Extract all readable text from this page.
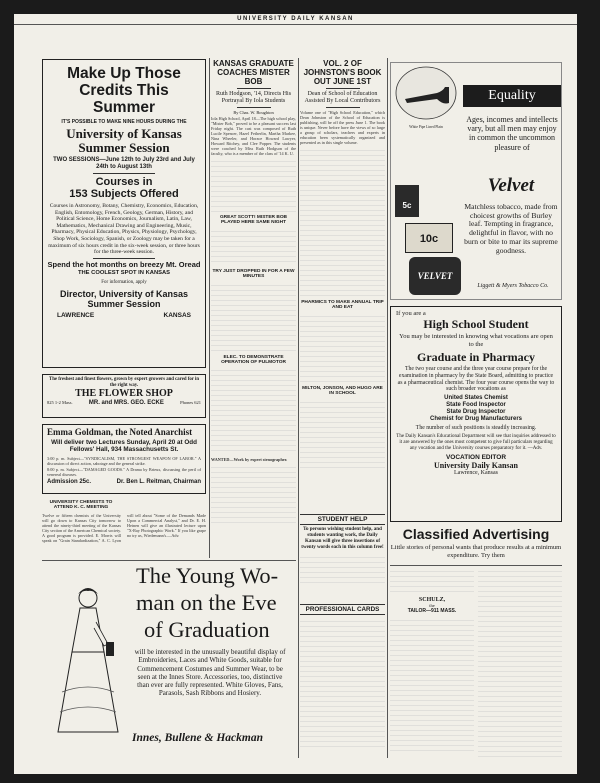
UNIVERSITY DAILY KANSAN
Make Up Those Credits This Summer
IT'S POSSIBLE TO MAKE NINE HOURS DURING THE
University of Kansas Summer Session
TWO SESSIONS—June 12th to July 23rd and July 24th to August 13th
Courses in
153 Subjects Offered
Courses in Astronomy, Botany, Chemistry, Economics, Education, English, Entomology, French, Geology, German, History, and Political Science, Home Economics, Journalism, Latin, Law, Mathematics, Mechanical Drawing and Engineering, Music, Pharmacy, Physical Education, Physics, Physiology, Psychology, Shop Work, Sociology, Spanish, or Zoology may be taken for a maximum of six hours credit in the six-week session, or three hours for the three-week session.
Spend the hot months on breezy Mt. Oread
THE COOLEST SPOT IN KANSAS
For information, apply
Director, University of Kansas Summer Session
LAWRENCE	KANSAS
The freshest and finest flowers, grown by expert growers and cared for in the right way.
THE FLOWER SHOP
825 1-2 Mass.	MR. and MRS. GEO. ECKE	Phones 621
Emma Goldman, the Noted Anarchist
Will deliver two Lectures Sunday, April 20 at Odd Fellows' Hall, 934 Massachusetts St.
3:00 p. m. Subject—"SYNDICALISM, THE STRONGEST WEAPON OF LABOR." A discussion of direct action, sabotage and the general strike.
8:00 p. m. Subject—"DAMAGED GOODS." A Drama by Brieux, discussing the peril of venereal diseases.
Admission 25c.	Dr. Ben L. Reitman, Chairman
UNIVERSITY CHEMISTS TO ATTEND K. C. MEETING
Twelve or fifteen chemists of the University will go down to Kansas City tomorrow to attend the ninety-third meeting of the Kansas City section of the American Chemical society. A good program is provided. E. Morris will speak on "Grain Standardization," A. C. Lyon will tell about "Some of the Demands Made Upon a Commercial Analyst," and Dr. E. H. Heinen will give an illustrated lecture upon "X-Ray Photographic Work." If you like grape no try us, Wiedemann's.—Adv.
KANSAS GRADUATE COACHES MISTER BOB
Ruth Hodgson, '14, Directs His Portrayal By Iola Students
By Chas. W. Boughton
Iola High School, April 18—The high school play, "Mister Bob," proved to be a pleasant success last Friday night. The cast was composed of Ruth Lucile Spencer, Hazel Fetherlin, Martha Markee, Nina Wheeler, and Horace Howard Lawyer, Howard Ritchey, and Clee Popper. The students were coached by Miss Ruth Hodgson of the faculty, who is a member of the class of '14 K. U.
GREAT SCOTT! MISTER BOB PLAYED HERE SAME NIGHT
TRY JUST DROPPED IN FOR A FEW MINUTES
ELEC. TO DEMONSTRATE OPERATION OF PULMOTOR
WANTED—Work by expert stenographer.
VOL. 2 OF JOHNSTON'S BOOK OUT JUNE 1ST
Dean of School of Education Assisted By Local Contributors
Volume one of "High School Education," which Dean Johnston of the School of Education is publishing, will be off the press June 1. The book is unique. Never before have the views of so large a group of scholars, teachers and experts in education been systematically organized and presented as in this single volume.
PHARMICS TO MAKE ANNUAL TRIP AND EAT
MILTON, JONSON, AND HUGO ARE IN SCHOOL
STUDENT HELP
To persons wishing student help, and students wanting work, the Daily Kansan will give three insertions of twenty words each in this column free!
PROFESSIONAL CARDS
White Pipe Lined Plain
Equality
Ages, incomes and intellects vary, but all men may enjoy in common the uncommon pleasure of
Velvet
5c
10c
VELVET
Matchless tobacco, made from choicest growths of Burley leaf. Tempting in fragrance, delightful in flavor, with no burn or bite to mar its supreme goodness.
Liggett & Myers Tobacco Co.
If you are a
High School Student
You may be interested in knowing what vocations are open to the
Graduate in Pharmacy
The two year course and the three year course prepare for the examination in pharmacy by the State Board, admitting to practice as a pharmaceutical chemist. The four year course opens the way to such broader vocations as
United States Chemist
State Food Inspector
State Drug Inspector
Chemist for Drug Manufacturers
The number of such positions is steadily increasing.
The Daily Kansan's Educational Department will see that inquiries addressed to it are answered by the ones most competent to give full particulars regarding any vocation and the University courses preparatory for it. —Adv.
VOCATION EDITOR
University Daily Kansan
Lawrence, Kansas
Classified Advertising
Little stories of personal wants that produce results at a minimum expenditure. Try them
SCHULZ,
the
TAILOR—911 MASS.
The Young Wo-
man on the Eve
of Graduation
will be interested in the unusually beautiful display of Embroideries, Laces and White Goods, suitable for Commencement Costumes and Summer Wear, to be seen at the Innes Store. Accessories, too, distinctive than ever are fully represented. White Gloves, Fans, Parasols, Sash Ribbons and Hosiery.
Innes, Bullene & Hackman
